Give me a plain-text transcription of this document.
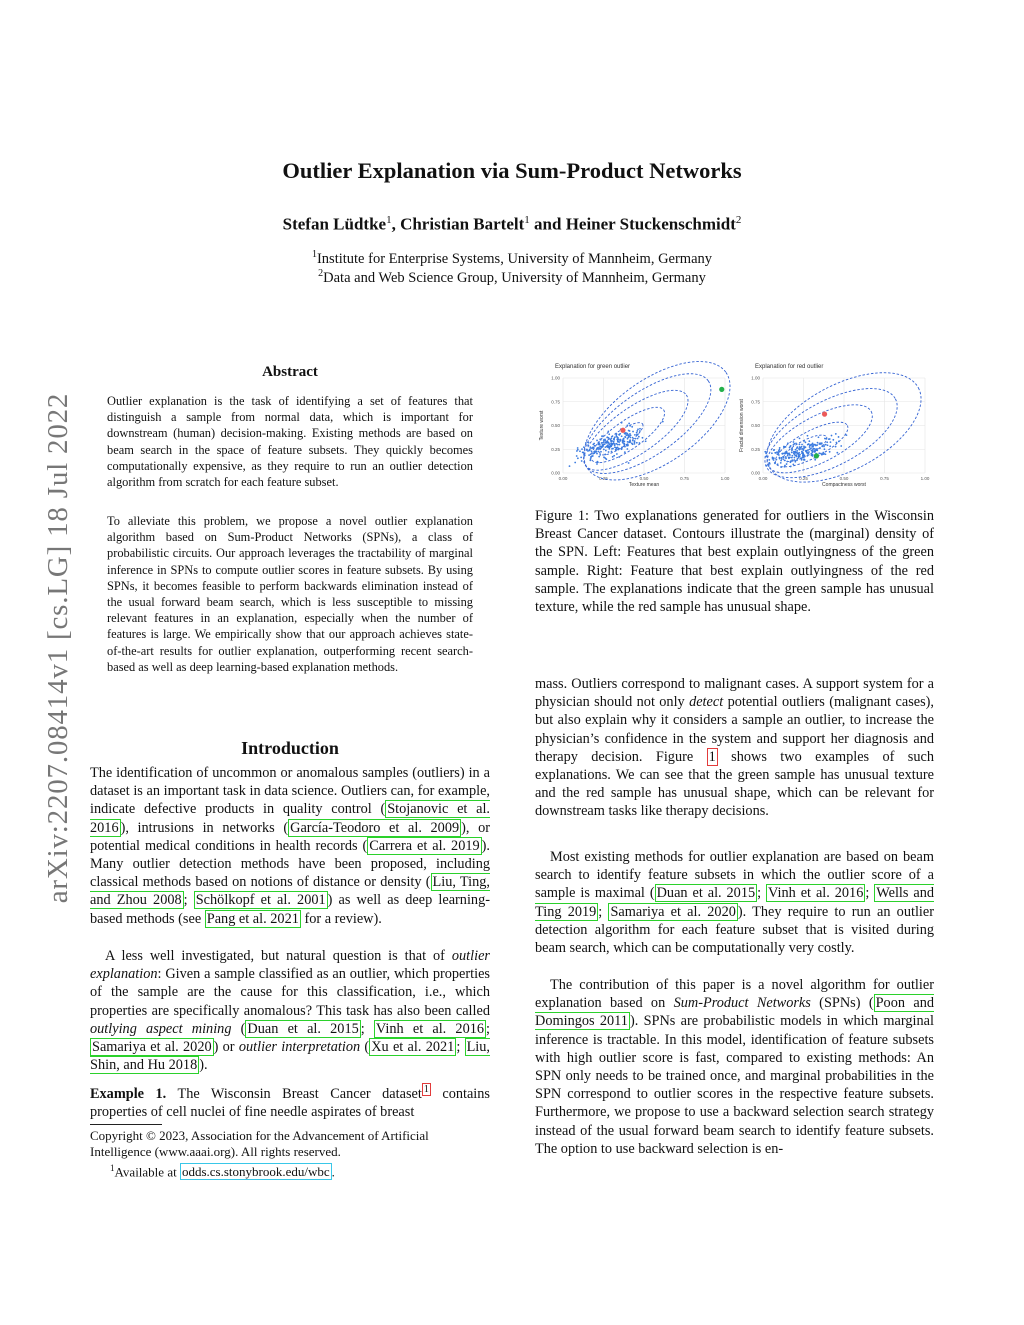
arXiv:2207.08414v1 [cs.LG] 18 Jul 2022
Outlier Explanation via Sum-Product Networks
Stefan Lüdtke$^1$, Christian Bartelt$^1$ and Heiner Stuckenschmidt$^2$
$^1$Institute for Enterprise Systems, University of Mannheim, Germany
$^2$Data and Web Science Group, University of Mannheim, Germany
Abstract
Outlier explanation is the task of identifying a set of features that distinguish a sample from normal data, which is important for downstream (human) decision-making. Existing methods are based on beam search in the space of feature subsets. They quickly becomes computationally expensive, as they require to run an outlier detection algorithm from scratch for each feature subset.
To alleviate this problem, we propose a novel outlier explanation algorithm based on Sum-Product Networks (SPNs), a class of probabilistic circuits. Our approach leverages the tractability of marginal inference in SPNs to compute outlier scores in feature subsets. By using SPNs, it becomes feasible to perform backwards elimination instead of the usual forward beam search, which is less susceptible to missing relevant features in an explanation, especially when the number of features is large. We empirically show that our approach achieves state-of-the-art results for outlier explanation, outperforming recent search-based as well as deep learning-based explanation methods.
Introduction
The identification of uncommon or anomalous samples (outliers) in a dataset is an important task in data science. Outliers can, for example, indicate defective products in quality control ( Stojanovic et al. 2016 ), intrusions in networks ( García-Teodoro et al. 2009 ), or potential medical conditions in health records ( Carrera et al. 2019 ). Many outlier detection methods have been proposed, including classical methods based on notions of distance or density ( Liu, Ting, and Zhou 2008 ; Schölkopf et al. 2001 ) as well as deep learning-based methods (see Pang et al. 2021 for a review).
A less well investigated, but natural question is that of outlier explanation: Given a sample classified as an outlier, which properties of the sample are the cause for this classification, i.e., which properties are specifically anomalous? This task has also been called outlying aspect mining ( Duan et al. 2015 ; Vinh et al. 2016 ; Samariya et al. 2020 ) or outlier interpretation ( Xu et al. 2021 ; Liu, Shin, and Hu 2018 ).
Example 1. The Wisconsin Breast Cancer dataset $^1$ contains properties of cell nuclei of fine needle aspirates of breast
Copyright © 2023, Association for the Advancement of Artificial Intelligence (www.aaai.org). All rights reserved.
$^1$Available at odds.cs.stonybrook.edu/wbc .
Explanation for green outlier
0.00
0.00
0.25
0.25
0.50
0.50
0.75
0.75
1.00
1.00
Texture mean
Texture worst
Explanation for red outlier
0.00
0.00
0.25
0.25
0.50
0.50
0.75
0.75
1.00
1.00
Compactness worst
Fractal dimension worst
Figure 1: Two explanations generated for outliers in the Wisconsin Breast Cancer dataset. Contours illustrate the (marginal) density of the SPN. Left: Features that best explain outlyingness of the green sample. Right: Feature that best explain outlyingness of the red sample. The explanations indicate that the green sample has unusual texture, while the red sample has unusual shape.
mass. Outliers correspond to malignant cases. A support system for a physician should not only detect potential outliers (malignant cases), but also explain why it considers a sample an outlier, to increase the physician’s confidence in the system and support her diagnosis and therapy decision. Figure 1 shows two examples of such explanations. We can see that the green sample has unusual texture and the red sample has unusual shape, which can be relevant for downstream tasks like therapy decisions.
Most existing methods for outlier explanation are based on beam search to identify feature subsets in which the outlier score of a sample is maximal ( Duan et al. 2015 ; Vinh et al. 2016 ; Wells and Ting 2019 ; Samariya et al. 2020 ). They require to run an outlier detection algorithm for each feature subset that is visited during beam search, which can be computationally very costly.
The contribution of this paper is a novel algorithm for outlier explanation based on Sum-Product Networks (SPNs) ( Poon and Domingos 2011 ). SPNs are probabilistic models in which marginal inference is tractable. In this model, identification of feature subsets with high outlier score is fast, compared to existing methods: An SPN only needs to be trained once, and marginal probabilities in the SPN correspond to outlier scores in the respective feature subsets. Furthermore, we propose to use a backward selection search strategy instead of the usual forward beam search to identify feature subsets. The option to use backward selection is en-
